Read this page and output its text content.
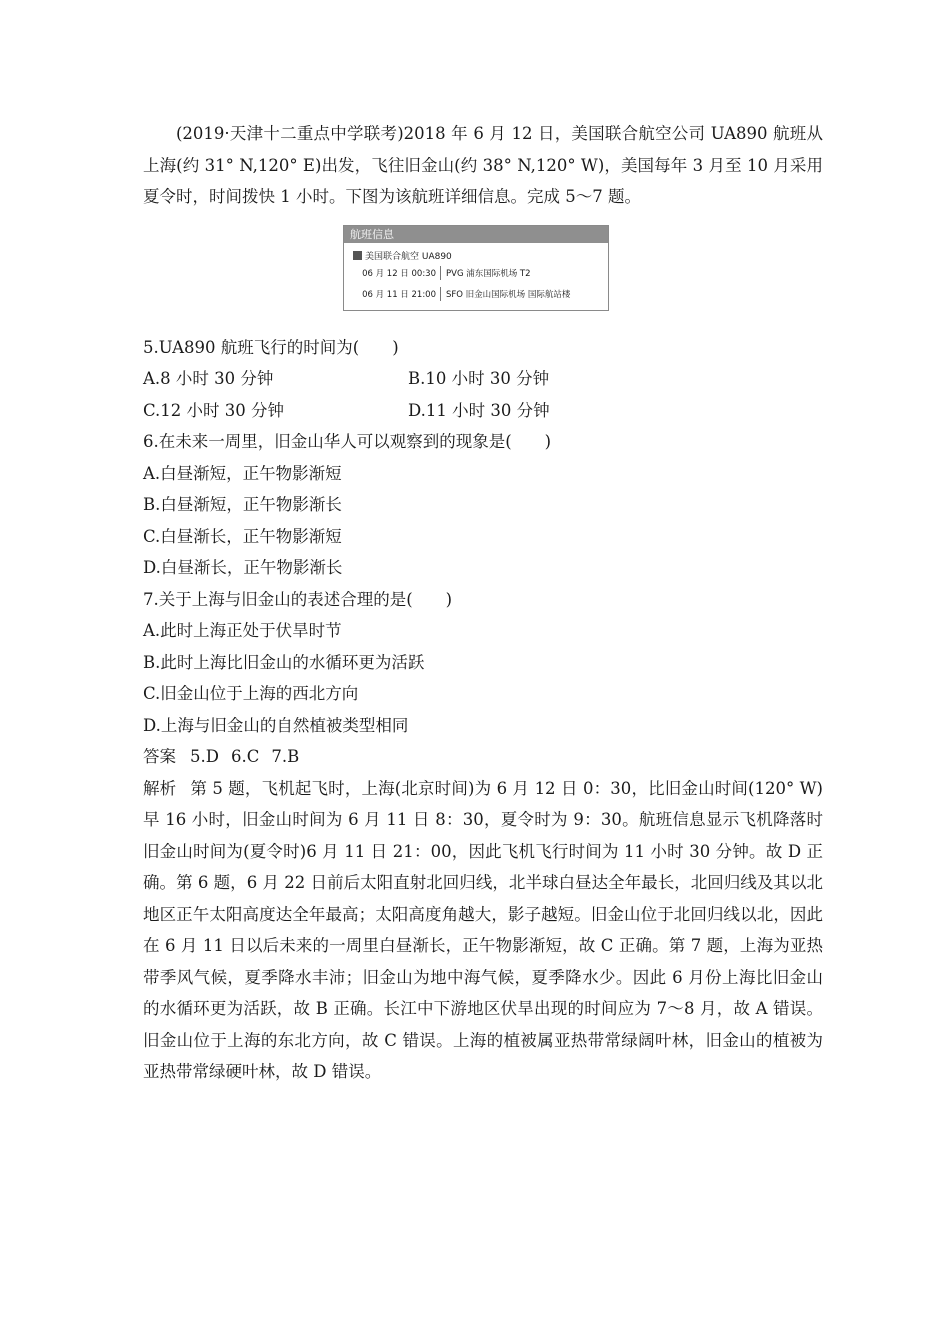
(2019·天津十二重点中学联考)2018 年 6 月 12 日，美国联合航空公司 UA890 航班从上海(约 31° N,120° E)出发，飞往旧金山(约 38° N,120° W)，美国每年 3 月至 10 月采用夏令时，时间拨快 1 小时。下图为该航班详细信息。完成 5～7 题。

航班信息
美国联合航空 UA890
06 月 12 日 00:30	PVG 浦东国际机场 T2
06 月 11 日 21:00	SFO 旧金山国际机场 国际航站楼

5.UA890 航班飞行的时间为(　　)

A.8 小时 30 分钟	B.10 小时 30 分钟
C.12 小时 30 分钟	D.11 小时 30 分钟

6.在未来一周里，旧金山华人可以观察到的现象是(　　)

A.白昼渐短，正午物影渐短

B.白昼渐短，正午物影渐长

C.白昼渐长，正午物影渐短

D.白昼渐长，正午物影渐长

7.关于上海与旧金山的表述合理的是(　　)

A.此时上海正处于伏旱时节

B.此时上海比旧金山的水循环更为活跃

C.旧金山位于上海的西北方向

D.上海与旧金山的自然植被类型相同

答案 5.D 6.C 7.B

解析 第 5 题，飞机起飞时，上海(北京时间)为 6 月 12 日 0：30，比旧金山时间(120° W)早 16 小时，旧金山时间为 6 月 11 日 8：30，夏令时为 9：30。航班信息显示飞机降落时旧金山时间为(夏令时)6 月 11 日 21：00，因此飞机飞行时间为 11 小时 30 分钟。故 D 正确。第 6 题，6 月 22 日前后太阳直射北回归线，北半球白昼达全年最长，北回归线及其以北地区正午太阳高度达全年最高；太阳高度角越大，影子越短。旧金山位于北回归线以北，因此在 6 月 11 日以后未来的一周里白昼渐长，正午物影渐短，故 C 正确。第 7 题，上海为亚热带季风气候，夏季降水丰沛；旧金山为地中海气候，夏季降水少。因此 6 月份上海比旧金山的水循环更为活跃，故 B 正确。长江中下游地区伏旱出现的时间应为 7～8 月，故 A 错误。旧金山位于上海的东北方向，故 C 错误。上海的植被属亚热带常绿阔叶林，旧金山的植被为亚热带常绿硬叶林，故 D 错误。
